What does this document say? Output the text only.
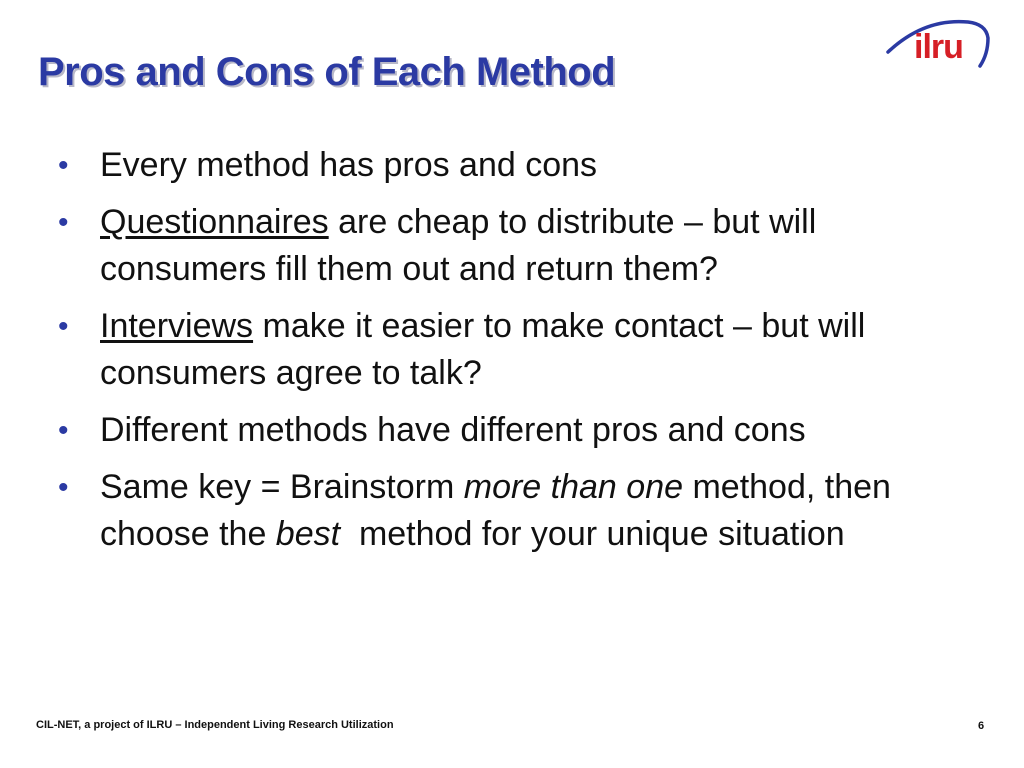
Pros and Cons of Each Method
ilru
• Every method has pros and cons
• Questionnaires are cheap to distribute – but will consumers fill them out and return them?
• Interviews make it easier to make contact – but will consumers agree to talk?
• Different methods have different pros and cons
• Same key = Brainstorm more than one method, then choose the best  method for your unique situation
CIL-NET, a project of ILRU – Independent Living Research Utilization	6
